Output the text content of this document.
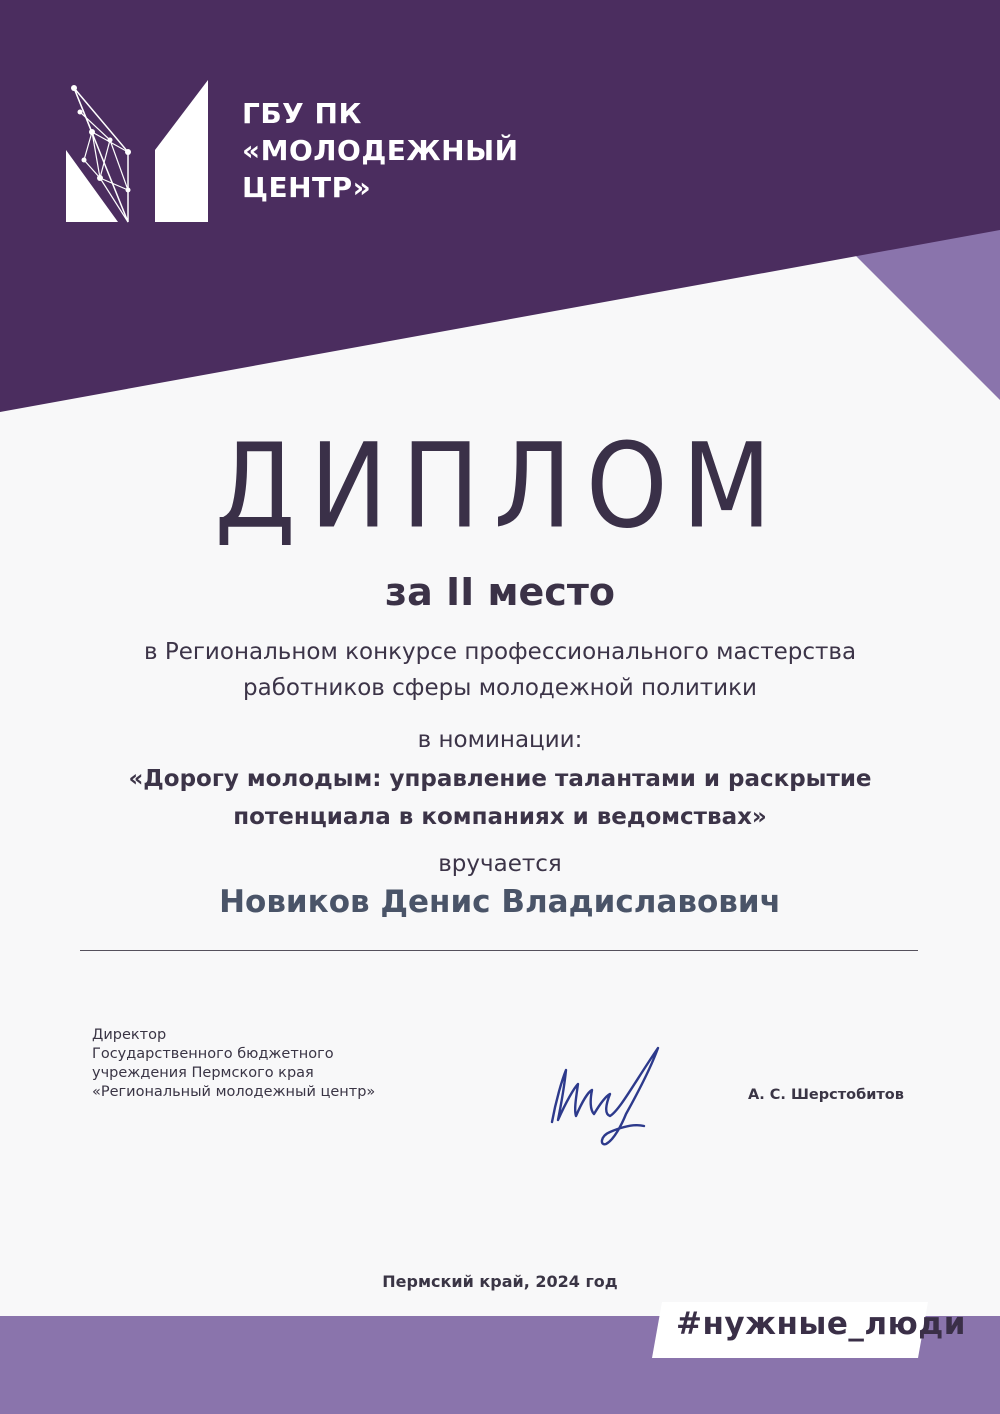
ГБУ ПК
«МОЛОДЕЖНЫЙ
ЦЕНТР»
ДИПЛОМ
за II место
в Региональном конкурсе профессионального мастерства
работников сферы молодежной политики
в номинации:
«Дорогу молодым: управление талантами и раскрытие
потенциала в компаниях и ведомствах»
вручается
Новиков Денис Владиславович
Директор
Государственного бюджетного
учреждения Пермского края
«Региональный молодежный центр»	А. С. Шерстобитов
Пермский край, 2024 год
#нужные_люди
